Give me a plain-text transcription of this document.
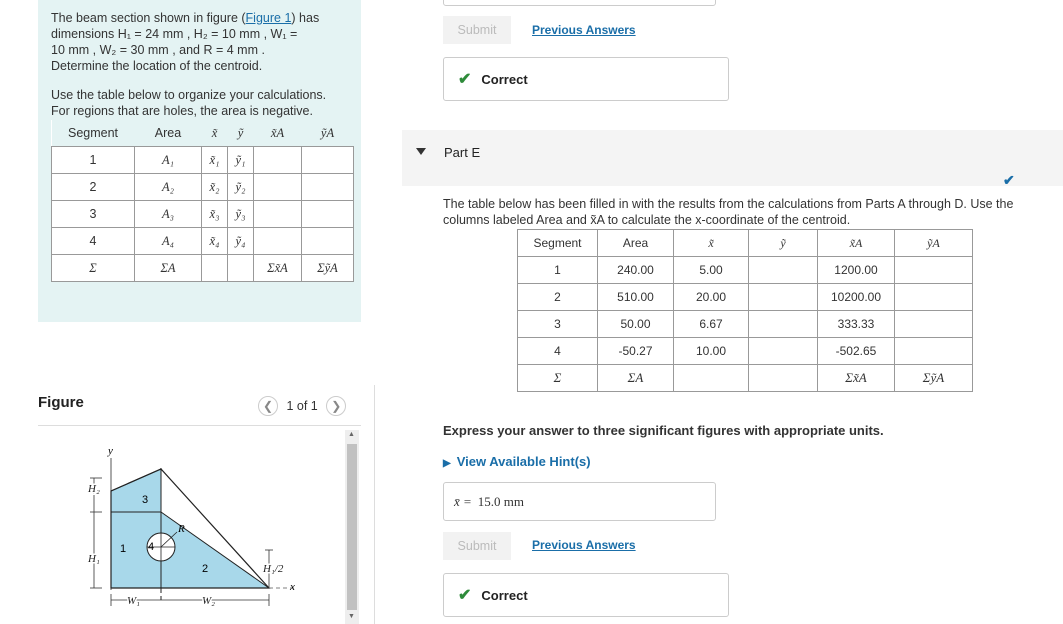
The beam section shown in figure (Figure 1) has
dimensions H₁ = 24 mm , H₂ = 10 mm , W₁ =
10 mm , W₂ = 30 mm , and R = 4 mm .
Determine the location of the centroid.
Use the table below to organize your calculations.
For regions that are holes, the area is negative.
Segment	Area	x̃	ỹ	x̃A	ỹA
1	A₁	x̃₁	ỹ₁		
2	A₂	x̃₂	ỹ₂		
3	A₃	x̃₃	ỹ₃		
4	A₄	x̃₄	ỹ₄		
Σ	ΣA			Σx̃A	ΣỹA
Figure	❮ 1 of 1 ❯
▲
▼
y
R
1
2
3
4
H₂
H₁
H₁/2
x
W₁	W₂
Submit	Previous Answers
✔ Correct
Part E
✔
The table below has been filled in with the results from the calculations from Parts A through D. Use the
columns labeled Area and x̃A to calculate the x-coordinate of the centroid.
Segment	Area	x̃	ỹ	x̃A	ỹA
1	240.00	5.00		1200.00	
2	510.00	20.00		10200.00	
3	50.00	6.67		333.33	
4	-50.27	10.00		-502.65	
Σ	ΣA			Σx̃A	ΣỹA
Express your answer to three significant figures with appropriate units.
▶ View Available Hint(s)
x̄ = 15.0 mm
Submit	Previous Answers
✔ Correct
